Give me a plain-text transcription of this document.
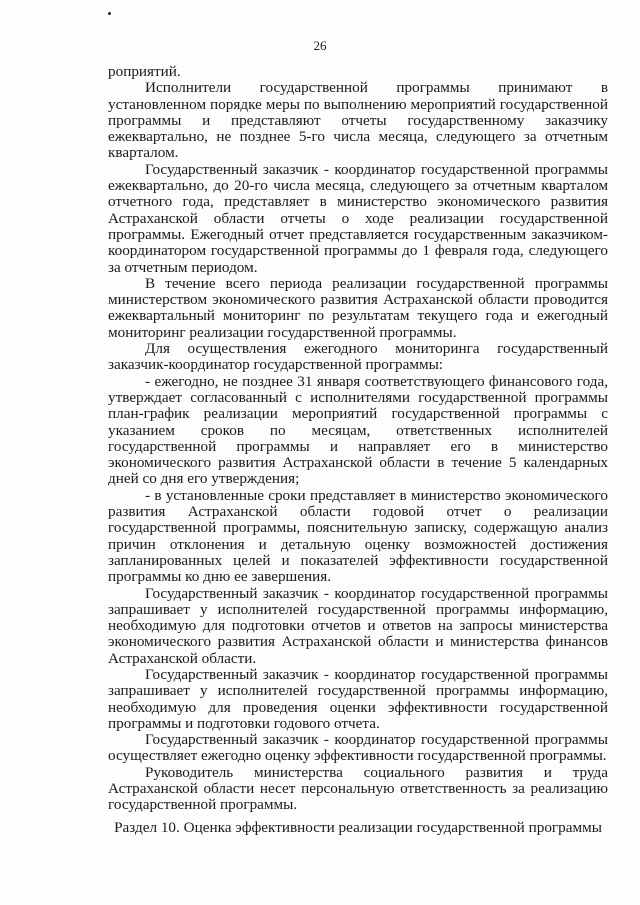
26

роприятий.

Исполнители государственной программы принимают в установленном порядке меры по выполнению мероприятий государственной программы и представляют отчеты государственному заказчику ежеквартально, не позднее 5-го числа месяца, следующего за отчетным кварталом.

Государственный заказчик - координатор государственной программы ежеквартально, до 20-го числа месяца, следующего за отчетным кварталом отчетного года, представляет в министерство экономического развития Астраханской области отчеты о ходе реализации государственной программы. Ежегодный отчет представляется государственным заказчиком-координатором государственной программы до 1 февраля года, следующего за отчетным периодом.

В течение всего периода реализации государственной программы министерством экономического развития Астраханской области проводится ежеквартальный мониторинг по результатам текущего года и ежегодный мониторинг реализации государственной программы.

Для осуществления ежегодного мониторинга государственный заказчик-координатор государственной программы:

- ежегодно, не позднее 31 января соответствующего финансового года, утверждает согласованный с исполнителями государственной программы план-график реализации мероприятий государственной программы с указанием сроков по месяцам, ответственных исполнителей государственной программы и направляет его в министерство экономического развития Астраханской области в течение 5 календарных дней со дня его утверждения;

- в установленные сроки представляет в министерство экономического развития Астраханской области годовой отчет о реализации государственной программы, пояснительную записку, содержащую анализ причин отклонения и детальную оценку возможностей достижения запланированных целей и показателей эффективности государственной программы ко дню ее завершения.

Государственный заказчик - координатор государственной программы запрашивает у исполнителей государственной программы информацию, необходимую для подготовки отчетов и ответов на запросы министерства экономического развития Астраханской области и министерства финансов Астраханской области.

Государственный заказчик - координатор государственной программы запрашивает у исполнителей государственной программы информацию, необходимую для проведения оценки эффективности государственной программы и подготовки годового отчета.

Государственный заказчик - координатор государственной программы осуществляет ежегодно оценку эффективности государственной программы.

Руководитель министерства социального развития и труда Астраханской области несет персональную ответственность за реализацию государственной программы.

Раздел 10. Оценка эффективности реализации государственной программы
